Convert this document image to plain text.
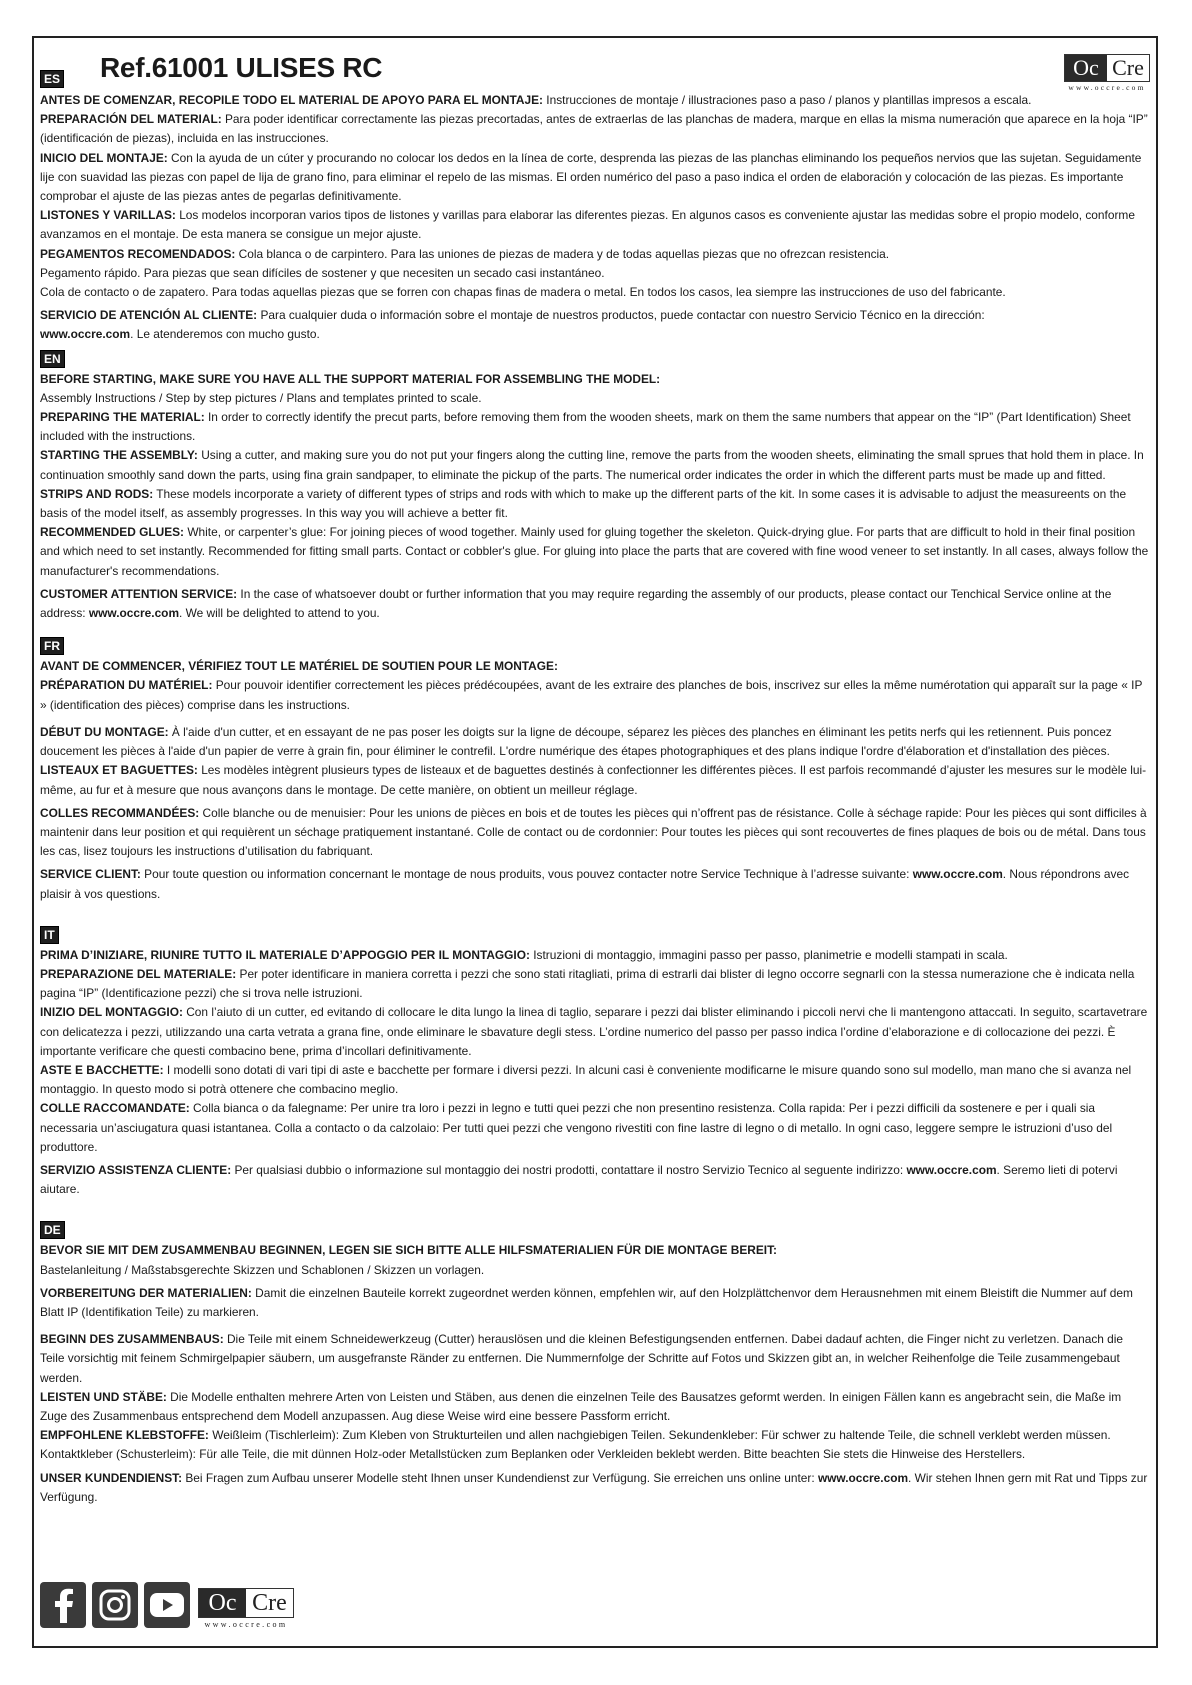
ES Ref.61001 ULISES RC	Oc Cre
www.occre.com

ANTES DE COMENZAR, RECOPILE TODO EL MATERIAL DE APOYO PARA EL MONTAJE: Instrucciones de montaje / illustraciones paso a paso / planos y plantillas impresos a escala.

PREPARACIÓN DEL MATERIAL: Para poder identificar correctamente las piezas precortadas, antes de extraerlas de las planchas de madera, marque en ellas la misma numeración que aparece en la hoja “IP” (identificación de piezas), incluida en las instrucciones.

INICIO DEL MONTAJE: Con la ayuda de un cúter y procurando no colocar los dedos en la línea de corte, desprenda las piezas de las planchas eliminando los pequeños nervios que las sujetan. Seguidamente lije con suavidad las piezas con papel de lija de grano fino, para eliminar el repelo de las mismas. El orden numérico del paso a paso indica el orden de elaboración y colocación de las piezas. Es importante comprobar el ajuste de las piezas antes de pegarlas definitivamente.

LISTONES Y VARILLAS: Los modelos incorporan varios tipos de listones y varillas para elaborar las diferentes piezas. En algunos casos es conveniente ajustar las medidas sobre el propio modelo, conforme avanzamos en el montaje. De esta manera se consigue un mejor ajuste.

PEGAMENTOS RECOMENDADOS: Cola blanca o de carpintero. Para las uniones de piezas de madera y de todas aquellas piezas que no ofrezcan resistencia.

Pegamento rápido. Para piezas que sean difíciles de sostener y que necesiten un secado casi instantáneo.

Cola de contacto o de zapatero. Para todas aquellas piezas que se forren con chapas finas de madera o metal. En todos los casos, lea siempre las instrucciones de uso del fabricante.

SERVICIO DE ATENCIÓN AL CLIENTE: Para cualquier duda o información sobre el montaje de nuestros productos, puede contactar con nuestro Servicio Técnico en la dirección:
www.occre.com. Le atenderemos con mucho gusto.

EN

BEFORE STARTING, MAKE SURE YOU HAVE ALL THE SUPPORT MATERIAL FOR ASSEMBLING THE MODEL:
Assembly Instructions / Step by step pictures / Plans and templates printed to scale.

PREPARING THE MATERIAL: In order to correctly identify the precut parts, before removing them from the wooden sheets, mark on them the same numbers that appear on the “IP” (Part Identification) Sheet included with the instructions.

STARTING THE ASSEMBLY: Using a cutter, and making sure you do not put your fingers along the cutting line, remove the parts from the wooden sheets, eliminating the small sprues that hold them in place. In continuation smoothly sand down the parts, using fina grain sandpaper, to eliminate the pickup of the parts. The numerical order indicates the order in which the different parts must be made up and fitted.

STRIPS AND RODS: These models incorporate a variety of different types of strips and rods with which to make up the different parts of the kit. In some cases it is advisable to adjust the measureents on the basis of the model itself, as assembly progresses. In this way you will achieve a better fit.

RECOMMENDED GLUES: White, or carpenter’s glue: For joining pieces of wood together. Mainly used for gluing together the skeleton. Quick-drying glue. For parts that are difficult to hold in their final position and which need to set instantly. Recommended for fitting small parts. Contact or cobbler's glue. For gluing into place the parts that are covered with fine wood veneer to set instantly. In all cases, always follow the manufacturer's recommendations.

CUSTOMER ATTENTION SERVICE: In the case of whatsoever doubt or further information that you may require regarding the assembly of our products, please contact our Tenchical Service online at the address: www.occre.com. We will be delighted to attend to you.

FR

AVANT DE COMMENCER, VÉRIFIEZ TOUT LE MATÉRIEL DE SOUTIEN POUR LE MONTAGE:

PRÉPARATION DU MATÉRIEL: Pour pouvoir identifier correctement les pièces prédécoupées, avant de les extraire des planches de bois, inscrivez sur elles la même numérotation qui apparaît sur la page « IP » (identification des pièces) comprise dans les instructions.

DÉBUT DU MONTAGE: À l'aide d'un cutter, et en essayant de ne pas poser les doigts sur la ligne de découpe, séparez les pièces des planches en éliminant les petits nerfs qui les retiennent. Puis poncez doucement les pièces à l'aide d'un papier de verre à grain fin, pour éliminer le contrefil. L'ordre numérique des étapes photographiques et des plans indique l'ordre d'élaboration et d'installation des pièces.

LISTEAUX ET BAGUETTES: Les modèles intègrent plusieurs types de listeaux et de baguettes destinés à confectionner les différentes pièces. Il est parfois recommandé d’ajuster les mesures sur le modèle lui-même, au fur et à mesure que nous avançons dans le montage. De cette manière, on obtient un meilleur réglage.

COLLES RECOMMANDÉES: Colle blanche ou de menuisier: Pour les unions de pièces en bois et de toutes les pièces qui n’offrent pas de résistance. Colle à séchage rapide: Pour les pièces qui sont difficiles à maintenir dans leur position et qui requièrent un séchage pratiquement instantané. Colle de contact ou de cordonnier: Pour toutes les pièces qui sont recouvertes de fines plaques de bois ou de métal. Dans tous les cas, lisez toujours les instructions d’utilisation du fabriquant.

SERVICE CLIENT: Pour toute question ou information concernant le montage de nous produits, vous pouvez contacter notre Service Technique à l’adresse suivante: www.occre.com. Nous répondrons avec plaisir à vos questions.

IT

PRIMA D’INIZIARE, RIUNIRE TUTTO IL MATERIALE D’APPOGGIO PER IL MONTAGGIO: Istruzioni di montaggio, immagini passo per passo, planimetrie e modelli stampati in scala.

PREPARAZIONE DEL MATERIALE: Per poter identificare in maniera corretta i pezzi che sono stati ritagliati, prima di estrarli dai blister di legno occorre segnarli con la stessa numerazione che è indicata nella pagina “IP” (Identificazione pezzi) che si trova nelle istruzioni.

INIZIO DEL MONTAGGIO: Con l’aiuto di un cutter, ed evitando di collocare le dita lungo la linea di taglio, separare i pezzi dai blister eliminando i piccoli nervi che li mantengono attaccati. In seguito, scartavetrare con delicatezza i pezzi, utilizzando una carta vetrata a grana fine, onde eliminare le sbavature degli stess. L’ordine numerico del passo per passo indica l’ordine d’elaborazione e di collocazione dei pezzi. È importante verificare che questi combacino bene, prima d’incollari definitivamente.

ASTE E BACCHETTE: I modelli sono dotati di vari tipi di aste e bacchette per formare i diversi pezzi. In alcuni casi è conveniente modificarne le misure quando sono sul modello, man mano che si avanza nel montaggio. In questo modo si potrà ottenere che combacino meglio.

COLLE RACCOMANDATE: Colla bianca o da falegname: Per unire tra loro i pezzi in legno e tutti quei pezzi che non presentino resistenza. Colla rapida: Per i pezzi difficili da sostenere e per i quali sia necessaria un’asciugatura quasi istantanea. Colla a contacto o da calzolaio: Per tutti quei pezzi che vengono rivestiti con fine lastre di legno o di metallo. In ogni caso, leggere sempre le istruzioni d’uso del produttore.

SERVIZIO ASSISTENZA CLIENTE: Per qualsiasi dubbio o informazione sul montaggio dei nostri prodotti, contattare il nostro Servizio Tecnico al seguente indirizzo: www.occre.com. Seremo lieti di potervi aiutare.

DE

BEVOR SIE MIT DEM ZUSAMMENBAU BEGINNEN, LEGEN SIE SICH BITTE ALLE HILFSMATERIALIEN FÜR DIE MONTAGE BEREIT:
Bastelanleitung / Maßstabsgerechte Skizzen und Schablonen / Skizzen un vorlagen.

VORBEREITUNG DER MATERIALIEN: Damit die einzelnen Bauteile korrekt zugeordnet werden können, empfehlen wir, auf den Holzplättchenvor dem Herausnehmen mit einem Bleistift die Nummer auf dem Blatt IP (Identifikation Teile) zu markieren.

BEGINN DES ZUSAMMENBAUS: Die Teile mit einem Schneidewerkzeug (Cutter) herauslösen und die kleinen Befestigungsenden entfernen. Dabei dadauf achten, die Finger nicht zu verletzen. Danach die Teile vorsichtig mit feinem Schmirgelpapier säubern, um ausgefranste Ränder zu entfernen. Die Nummernfolge der Schritte auf Fotos und Skizzen gibt an, in welcher Reihenfolge die Teile zusammengebaut werden.

LEISTEN UND STÄBE: Die Modelle enthalten mehrere Arten von Leisten und Stäben, aus denen die einzelnen Teile des Bausatzes geformt werden. In einigen Fällen kann es angebracht sein, die Maße im Zuge des Zusammenbaus entsprechend dem Modell anzupassen. Aug diese Weise wird eine bessere Passform erricht.

EMPFOHLENE KLEBSTOFFE: Weißleim (Tischlerleim): Zum Kleben von Strukturteilen und allen nachgiebigen Teilen. Sekundenkleber: Für schwer zu haltende Teile, die schnell verklebt werden müssen. Kontaktkleber (Schusterleim): Für alle Teile, die mit dünnen Holz-oder Metallstücken zum Beplanken oder Verkleiden beklebt werden. Bitte beachten Sie stets die Hinweise des Herstellers.

UNSER KUNDENDIENST: Bei Fragen zum Aufbau unserer Modelle steht Ihnen unser Kundendienst zur Verfügung. Sie erreichen uns online unter: www.occre.com. Wir stehen Ihnen gern mit Rat und Tipps zur Verfügung.

Oc Cre
www.occre.com
